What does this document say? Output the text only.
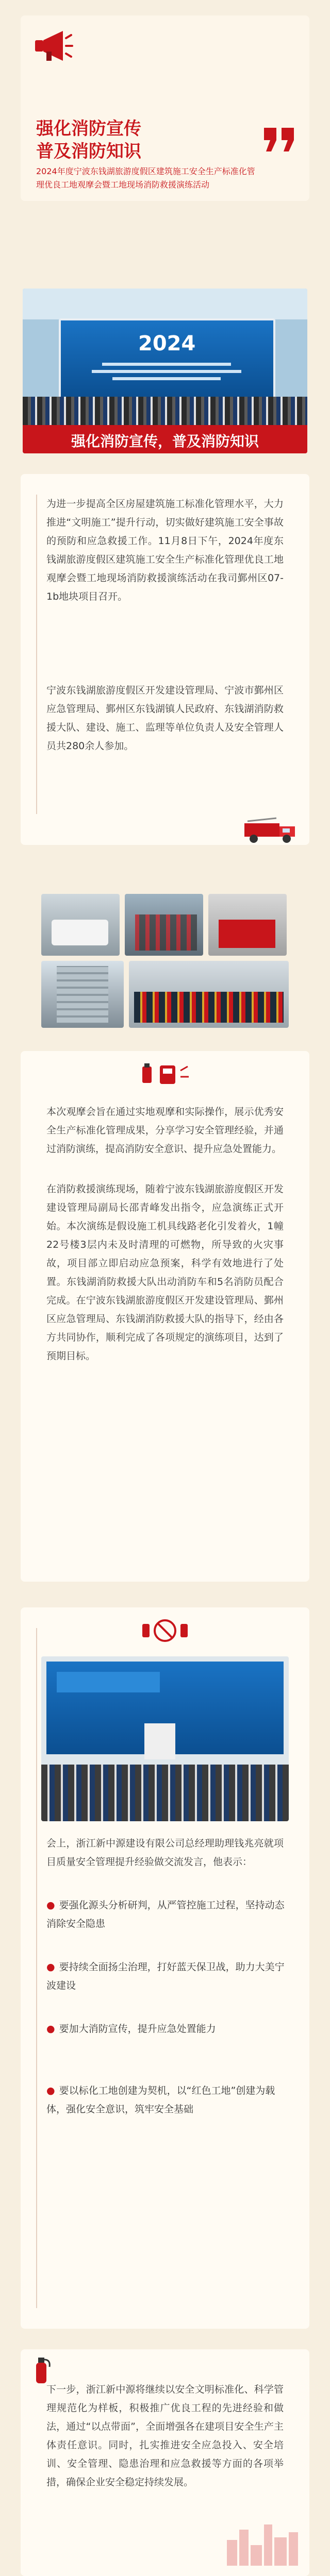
强化消防宣传
普及消防知识
2024年度宁波东钱湖旅游度假区建筑施工安全生产标准化管理优良工地观摩会暨工地现场消防救援演练活动
2024
强化消防宣传，普及消防知识

为进一步提高全区房屋建筑施工标准化管理水平，大力推进“文明施工”提升行动，切实做好建筑施工安全事故的预防和应急救援工作。11月8日下午，2024年度东钱湖旅游度假区建筑施工安全生产标准化管理优良工地观摩会暨工地现场消防救援演练活动在我司鄞州区07-1b地块项目召开。

宁波东钱湖旅游度假区开发建设管理局、宁波市鄞州区应急管理局、鄞州区东钱湖镇人民政府、东钱湖消防救援大队、建设、施工、监理等单位负责人及安全管理人员共280余人参加。

本次观摩会旨在通过实地观摩和实际操作，展示优秀安全生产标准化管理成果，分享学习安全管理经验，并通过消防演练，提高消防安全意识、提升应急处置能力。

在消防救援演练现场，随着宁波东钱湖旅游度假区开发建设管理局副局长邵青峰发出指令，应急演练正式开始。本次演练是假设施工机具线路老化引发着火，1幢 22号楼3层内未及时清理的可燃物，所导致的火灾事故，项目部立即启动应急预案，科学有效地进行了处置。东钱湖消防救援大队出动消防车和5名消防员配合完成。在宁波东钱湖旅游度假区开发建设管理局、鄞州区应急管理局、东钱湖消防救援大队的指导下，经由各方共同协作，顺利完成了各项规定的演练项目，达到了预期目标。

会上，浙江新中源建设有限公司总经理助理钱兆亮就项目质量安全管理提升经验做交流发言，他表示：

● 要强化源头分析研判，从严管控施工过程，坚持动态消除安全隐患
● 要持续全面扬尘治理，打好蓝天保卫战，助力大美宁波建设
● 要加大消防宣传，提升应急处置能力
● 要以标化工地创建为契机，以“红色工地”创建为载体，强化安全意识，筑牢安全基础

下一步，浙江新中源将继续以安全文明标准化、科学管理规范化为样板，积极推广优良工程的先进经验和做法，通过“以点带面”，全面增强各在建项目安全生产主体责任意识。同时，扎实推进安全应急投入、安全培训、安全管理、隐患治理和应急救援等方面的各项举措，确保企业安全稳定持续发展。
